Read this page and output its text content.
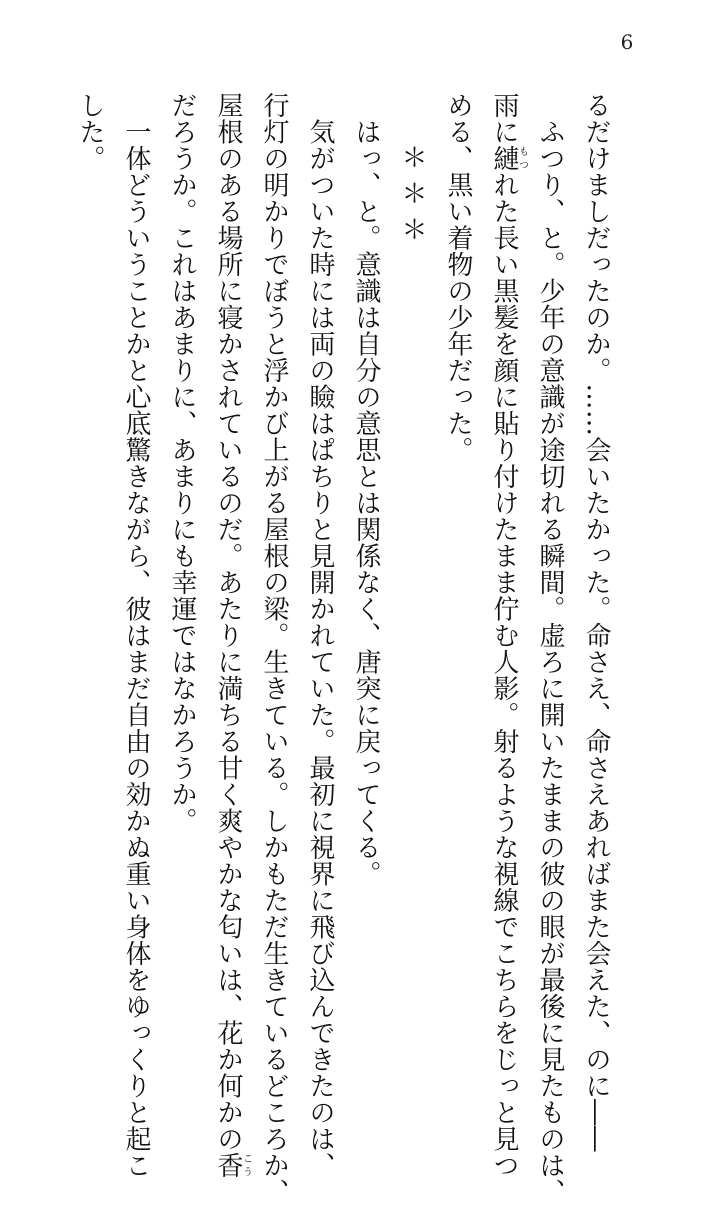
6
るだけましだったのか。……会いたかった。命さえ、命さえあればまた会えた、のに――
　ふつり、と。少年の意識が途切れる瞬間。虚ろに開いたままの彼の眼が最後に見たものは、
雨に縺もつれた長い黒髪を顔に貼り付けたまま佇む人影。射るような視線でこちらをじっと見つ
める、黒い着物の少年だった。
＊＊＊
　はっ、と。意識は自分の意思とは関係なく、唐突に戻ってくる。
　気がついた時には両の瞼はぱちりと見開かれていた。最初に視界に飛び込んできたのは、
行灯の明かりでぼうと浮かび上がる屋根の梁。生きている。しかもただ生きているどころか、
屋根のある場所に寝かされているのだ。あたりに満ちる甘く爽やかな匂いは、花か何かの香こう
だろうか。これはあまりに、あまりにも幸運ではなかろうか。
　一体どういうことかと心底驚きながら、彼はまだ自由の効かぬ重い身体をゆっくりと起こ
した。
